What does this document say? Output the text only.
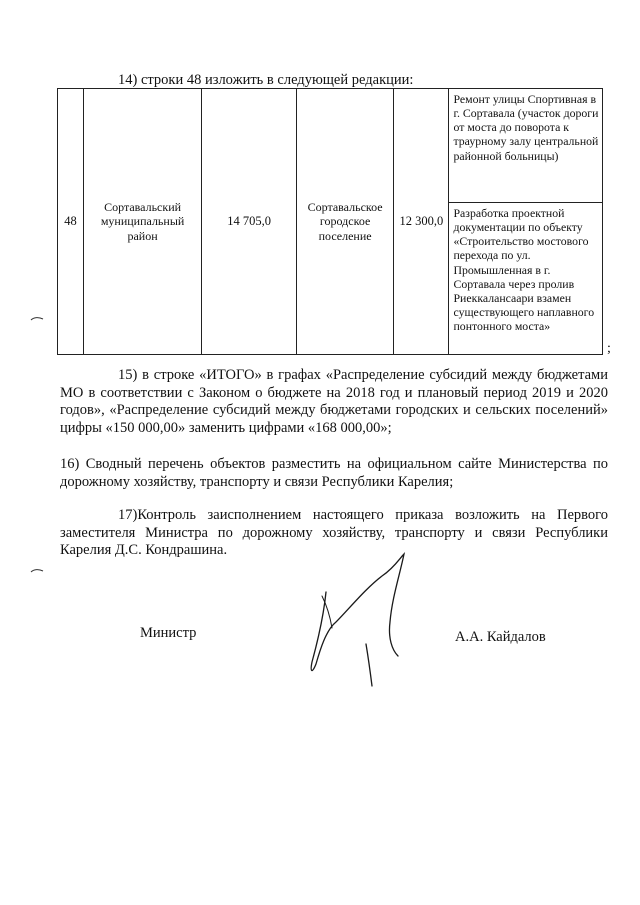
14) строки 48 изложить в следующей редакции:
48	Сортавальский муниципальный район	14 705,0	Сортавальское городское поселение	12 300,0	Ремонт улицы Спортивная в г. Сортавала (участок дороги от моста до поворота к траурному залу центральной районной больницы)
Разработка проектной документации по объекту «Строительство мостового перехода по ул. Промышленная в г. Сортавала через пролив Риеккалансаари взамен существующего наплавного понтонного моста»
;
15) в строке «ИТОГО» в графах «Распределение субсидий между бюджетами МО в соответствии с Законом о бюджете на 2018 год и плановый период 2019 и 2020 годов», «Распределение субсидий между бюджетами городских и сельских поселений» цифры «150 000,00» заменить цифрами «168 000,00»;
16) Сводный перечень объектов разместить на официальном сайте Министерства по дорожному хозяйству, транспорту и связи Республики Карелия;
17)Контроль заисполнением настоящего приказа возложить на Первого заместителя Министра по дорожному хозяйству, транспорту и связи Республики Карелия Д.С. Кондрашина.
Министр	А.А. Кайдалов
